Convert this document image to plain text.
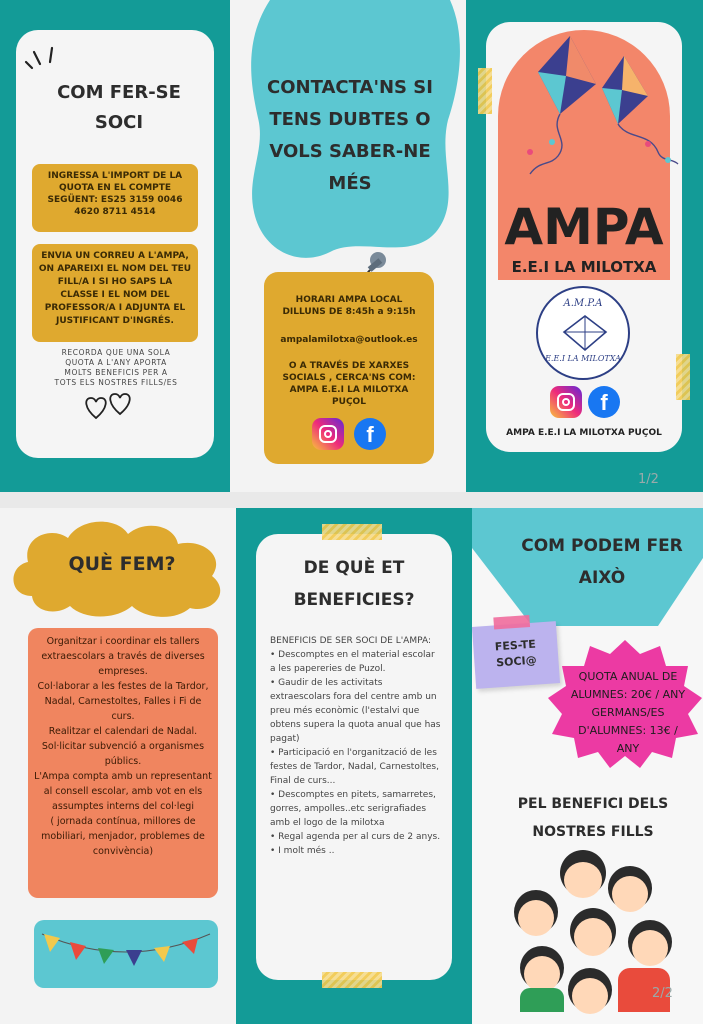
COM FER-SE SOCI
INGRESSA L'IMPORT DE LA QUOTA EN EL COMPTE SEGÜENT: ES25 3159 0046 4620 8711 4514
ENVIA UN CORREU A L'AMPA, ON APAREIXI EL NOM DEL TEU FILL/A I SI HO SAPS LA CLASSE I EL NOM DEL PROFESSOR/A I ADJUNTA EL JUSTIFICANT D'INGRÉS.
RECORDA QUE UNA SOLA QUOTA A L'ANY APORTA MOLTS BENEFICIS PER A TOTS ELS NOSTRES FILLS/ES
CONTACTA'NS SI TENS DUBTES O VOLS SABER-NE MÉS
HORARI AMPA LOCAL
DILLUNS DE 8:45h a 9:15h
ampalamilotxa@outlook.es
O A TRAVÉS DE XARXES SOCIALS , CERCA'NS COM: AMPA E.E.I LA MILOTXA PUÇOL
f
AMPA
E.E.I LA MILOTXA
A.M.P.A
E.E.I LA MILOTXA
f
AMPA E.E.I LA MILOTXA PUÇOL
1/2
QUÈ FEM?
Organitzar i coordinar els tallers extraescolars a través de diverses empreses.
Col·laborar a les festes de la Tardor, Nadal, Carnestoltes, Falles i Fi de curs.
Realitzar el calendari de Nadal.
Sol·licitar subvenció a organismes públics.
L'Ampa compta amb un representant al consell escolar, amb vot en els assumptes interns del col·legi
( jornada contínua, millores de mobiliari, menjador, problemes de convivència)
DE QUÈ ET BENEFICIES?
BENEFICIS DE SER SOCI DE L'AMPA:
• Descomptes en el material escolar a les papereries de Puzol.
• Gaudir de les activitats extraescolars fora del centre amb un preu més econòmic (l'estalvi que obtens supera la quota anual que has pagat)
• Participació en l'organització de les festes de Tardor, Nadal, Carnestoltes, Final de curs...
• Descomptes en pitets, samarretes, gorres, ampolles..etc serigrafiades amb el logo de la milotxa
• Regal agenda per al curs de 2 anys.
• I molt més ..
COM PODEM FER AIXÒ
FES-TE SOCI@
QUOTA ANUAL DE ALUMNES: 20€ / ANY GERMANS/ES D'ALUMNES: 13€ / ANY
PEL BENEFICI DELS NOSTRES FILLS
2/2
